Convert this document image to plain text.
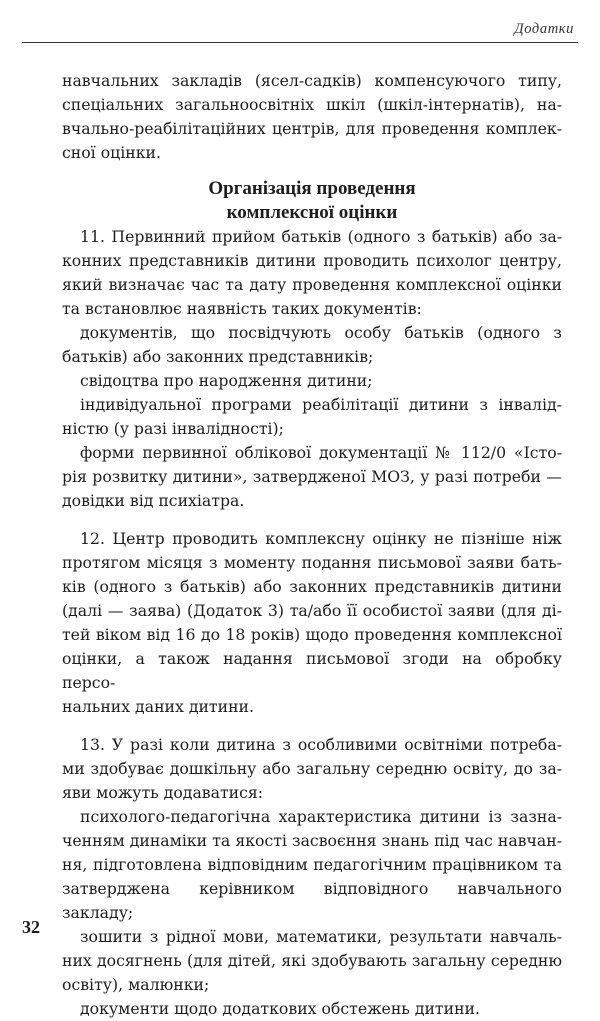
Додатки

навчальних закладів (ясел-садків) компенсуючого типу,

спеціальних загальноосвітніх шкіл (шкіл-інтернатів), на-

вчально-реабілітаційних центрів, для проведення комплек-

сної оцінки.

Організація проведення
комплексної оцінки

11. Первинний прийом батьків (одного з батьків) або за-

конних представників дитини проводить психолог центру,

який визначає час та дату проведення комплексної оцінки

та встановлює наявність таких документів:

документів, що посвідчують особу батьків (одного з

батьків) або законних представників;

свідоцтва про народження дитини;

індивідуальної програми реабілітації дитини з інвалід-

ністю (у разі інвалідності);

форми первинної облікової документації № 112/0 «Істо-

рія розвитку дитини», затвердженої МОЗ, у разі потреби —

довідки від психіатра.

12. Центр проводить комплексну оцінку не пізніше ніж

протягом місяця з моменту подання письмової заяви бать-

ків (одного з батьків) або законних представників дитини

(далі — заява) (Додаток 3) та/або її особистої заяви (для ді-

тей віком від 16 до 18 років) щодо проведення комплексної

оцінки, а також надання письмової згоди на обробку персо-

нальних даних дитини.

13. У разі коли дитина з особливими освітніми потреба-

ми здобуває дошкільну або загальну середню освіту, до за-

яви можуть додаватися:

психолого-педагогічна характеристика дитини із зазна-

ченням динаміки та якості засвоєння знань під час навчан-

ня, підготовлена відповідним педагогічним працівником та

затверджена керівником відповідного навчального закладу;

зошити з рідної мови, математики, результати навчаль-

них досягнень (для дітей, які здобувають загальну середню

освіту), малюнки;

документи щодо додаткових обстежень дитини.

32
